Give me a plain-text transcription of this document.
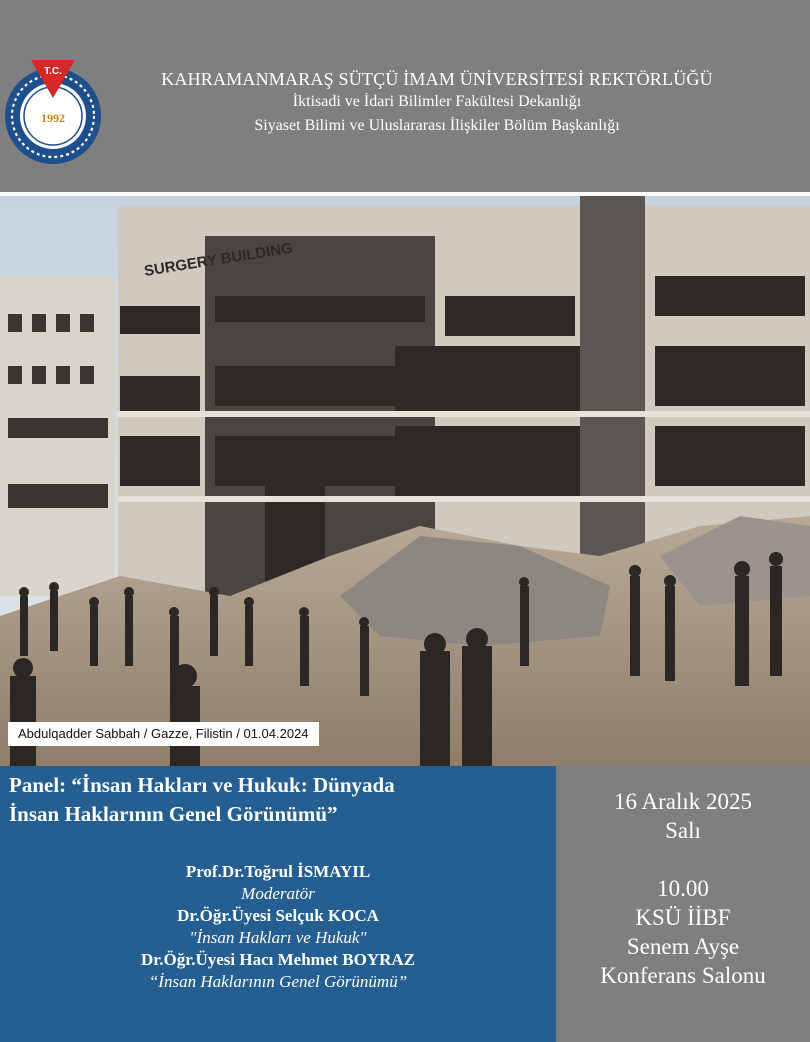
T.C.
1992
KAHRAMANMARAŞ SÜTÇÜ İMAM ÜNİVERSİTESİ REKTÖRLÜĞÜ
İktisadi ve İdari Bilimler Fakültesi Dekanlığı
Siyaset Bilimi ve Uluslararası İlişkiler Bölüm Başkanlığı
SURGERY BUILDING
Abdulqadder Sabbah / Gazze, Filistin / 01.04.2024
Panel: “İnsan Hakları ve Hukuk: Dünyada
İnsan Haklarının Genel Görünümü”
Prof.Dr.Toğrul İSMAYIL
Moderatör
Dr.Öğr.Üyesi Selçuk KOCA
"İnsan Hakları ve Hukuk"
Dr.Öğr.Üyesi Hacı Mehmet BOYRAZ
“İnsan Haklarının Genel Görünümü”
16 Aralık 2025
Salı
10.00
KSÜ İİBF
Senem Ayşe
Konferans Salonu
